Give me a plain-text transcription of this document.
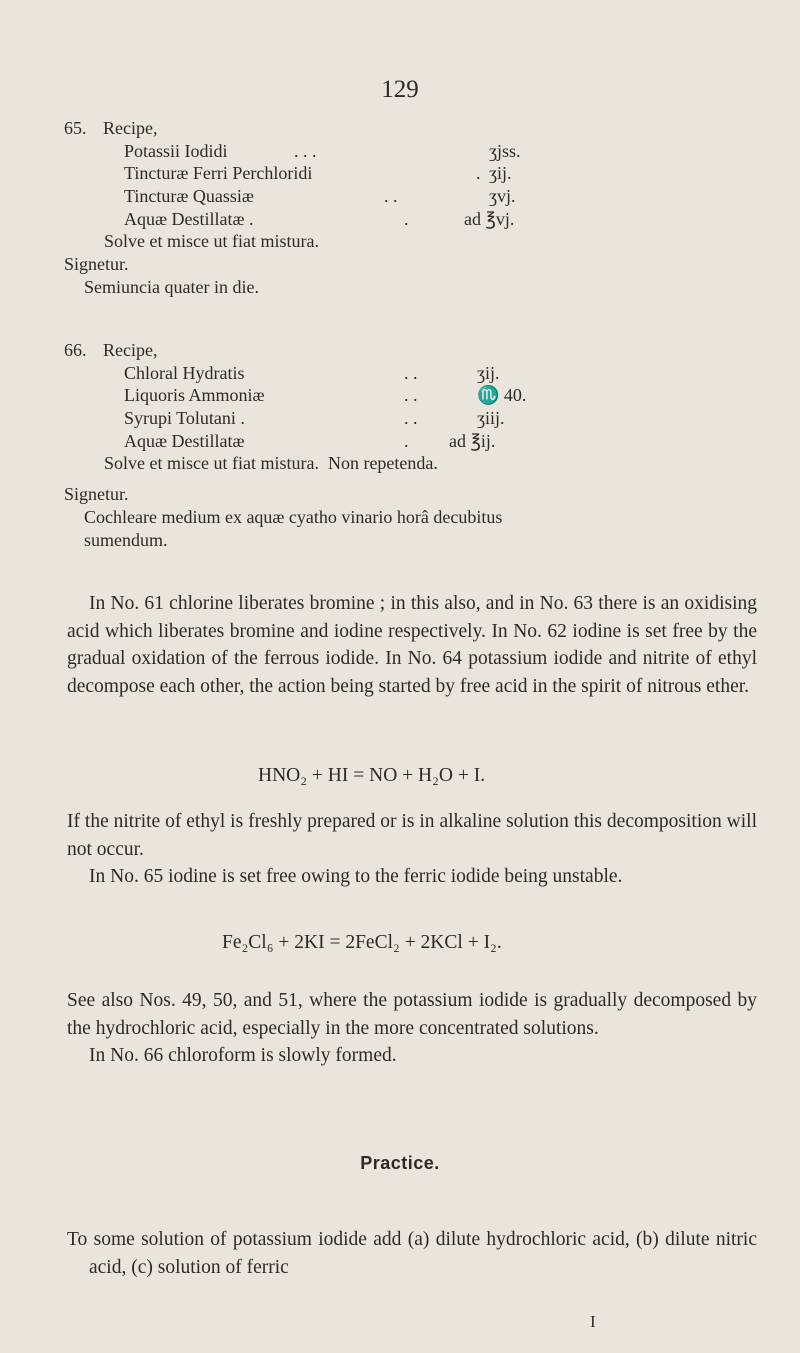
129
65. Recipe,
Potassii Iodidi	. . .	ʒjss.
Tincturæ Ferri Perchloridi	. ʒij.
Tincturæ Quassiæ	. .	ʒvj.
Aquæ Destillatæ .	.	ad ℥vj.
Solve et misce ut fiat mistura.
Signetur.
Semiuncia quater in die.
66. Recipe,
Chloral Hydratis	. .	ʒij.
Liquoris Ammoniæ	. .	♏ 40.
Syrupi Tolutani .	. .	ʒiij.
Aquæ Destillatæ	. ad ℥ij.
Solve et misce ut fiat mistura.  Non repetenda.
Signetur.
Cochleare medium ex aquæ cyatho vinario horâ decubitus
sumendum.

In No. 61 chlorine liberates bromine ; in this also, and in No. 63 there is an oxidising acid which liberates bromine and iodine respectively. In No. 62 iodine is set free by the gradual oxidation of the ferrous iodide. In No. 64 potassium iodide and nitrite of ethyl decompose each other, the action being started by free acid in the spirit of nitrous ether.

HNO₂ + HI = NO + H₂O + I.

If the nitrite of ethyl is freshly prepared or is in alkaline solution this decomposition will not occur.

In No. 65 iodine is set free owing to the ferric iodide being unstable.

Fe₂Cl₆ + 2KI = 2FeCl₂ + 2KCl + I₂.

See also Nos. 49, 50, and 51, where the potassium iodide is gradually decomposed by the hydrochloric acid, especially in the more concentrated solutions.

In No. 66 chloroform is slowly formed.

Practice.

To some solution of potassium iodide add (a) dilute hydrochloric acid, (b) dilute nitric acid, (c) solution of ferric

I
